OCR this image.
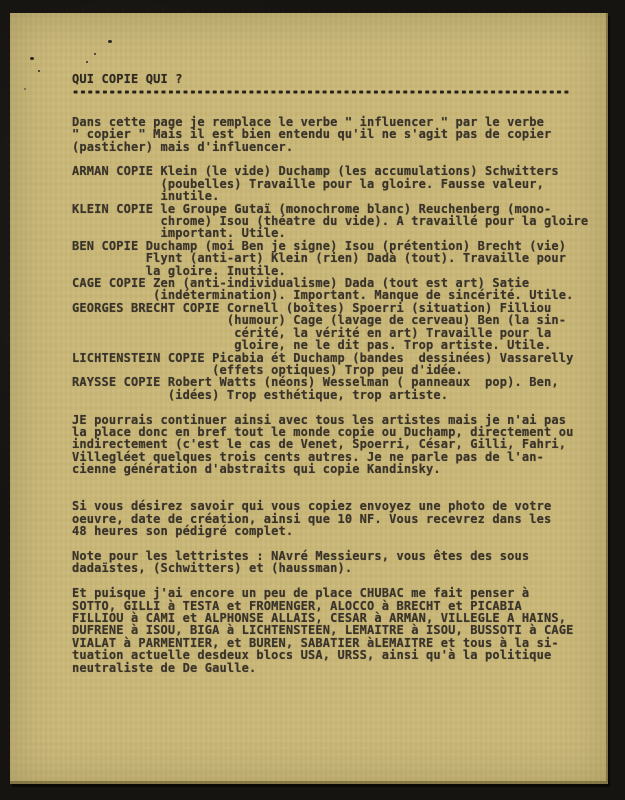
QUI COPIE QUI ?
--------------------------------------------------------------------
Dans cette page je remplace le verbe " influencer " par le verbe
" copier " Mais il est bien entendu qu'il ne s'agit pas de copier
(pasticher) mais d'influencer.

ARMAN COPIE Klein (le vide) Duchamp (les accumulations) Schwitters
(poubelles) Travaille pour la gloire. Fausse valeur,
inutile.
KLEIN COPIE le Groupe Gutaï (monochrome blanc) Reuchenberg (mono-
chrome) Isou (théatre du vide). A travaillé pour la gloire
important. Utile.
BEN COPIE Duchamp (moi Ben je signe) Isou (prétention) Brecht (vie)
Flynt (anti-art) Klein (rien) Dadà (tout). Travaille pour
la gloire. Inutile.
CAGE COPIE Zen (anti-individualisme) Dada (tout est art) Satie
(indétermination). Important. Manque de sincérité. Utile.
GEORGES BRECHT COPIE Cornell (boîtes) Spoerri (situation) Filliou
(humour) Cage (lavage de cerveau) Ben (la sin-
cérité, la vérité en art) Travaille pour la
gloire, ne le dit pas. Trop artiste. Utile.
LICHTENSTEIN COPIE Picabia ét Duchamp (bandes  dessinées) Vassarelly
(effets optiques) Trop peu d'idée.
RAYSSE COPIE Robert Watts (néons) Wesselman ( panneaux  pop). Ben,
(idées) Trop esthétique, trop artiste.

JE pourrais continuer ainsi avec tous les artistes mais je n'ai pas
la place donc en bref tout le monde copie ou Duchamp, directement ou
indirectement (c'est le cas de Venet, Spoerri, César, Gilli, Fahri,
Villegléet quelques trois cents autres. Je ne parle pas de l'an-
cienne génération d'abstraits qui copie Kandinsky.

Si vous désirez savoir qui vous copiez envoyez une photo de votre
oeuvre, date de création, ainsi que 10 NF. Vous recevrez dans les
48 heures son pédigré complet.

Note pour les lettristes : NAvré Messieurs, vous êtes des sous
dadaïstes, (Schwitters) et (haussman).

Et puisque j'ai encore un peu de place CHUBAC me fait penser à
SOTTO, GILLI à TESTA et FROMENGER, ALOCCO à BRECHT et PICABIA
FILLIOU à CAMI et ALPHONSE ALLAIS, CESAR à ARMAN, VILLEGLE A HAINS,
DUFRENE à ISOU, BIGA à LICHTENSTEEN, LEMAITRE à ISOU, BUSSOTI à CAGE
VIALAT à PARMENTIER, et BUREN, SABATIER àLEMAITRE et tous à la si-
tuation actuelle desdeux blocs USA, URSS, ainsi qu'à la politique
neutraliste de De Gaulle.
